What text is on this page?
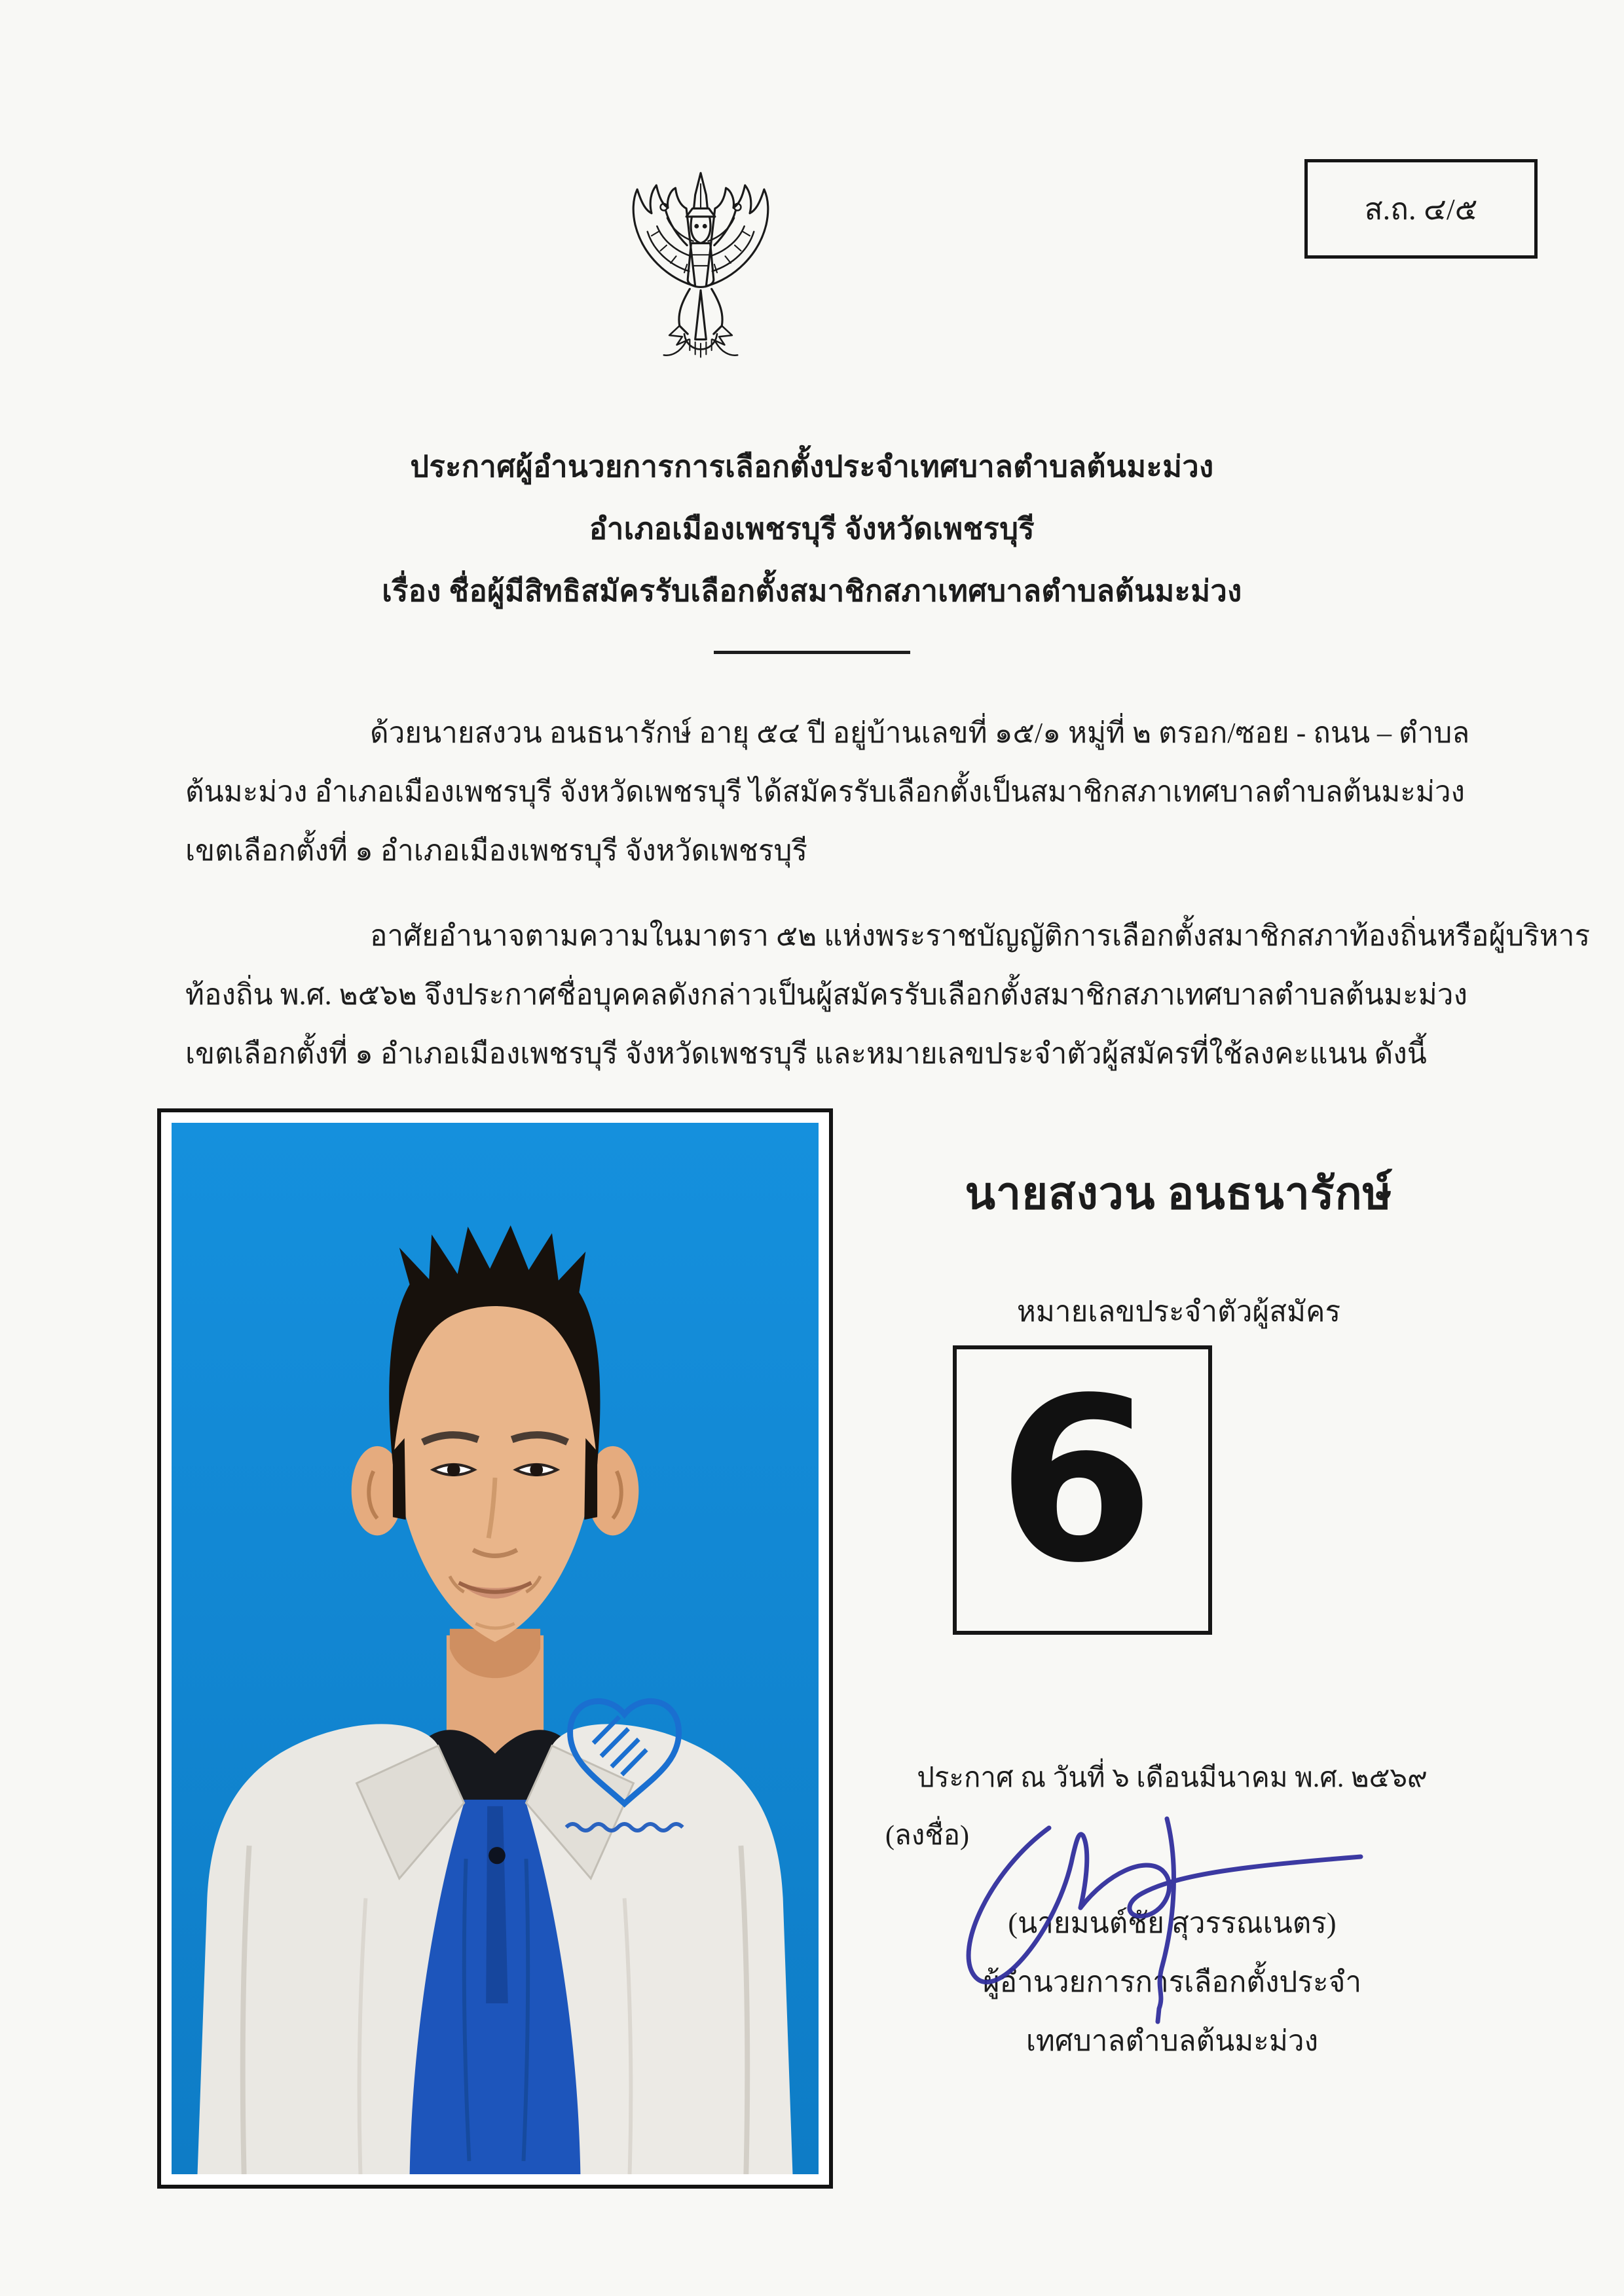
ส.ถ. ๔/๕
ประกาศผู้อำนวยการการเลือกตั้งประจำเทศบาลตำบลต้นมะม่วง
อำเภอเมืองเพชรบุรี จังหวัดเพชรบุรี
เรื่อง ชื่อผู้มีสิทธิสมัครรับเลือกตั้งสมาชิกสภาเทศบาลตำบลต้นมะม่วง
ด้วยนายสงวน อนธนารักษ์ อายุ ๕๔ ปี อยู่บ้านเลขที่ ๑๕/๑ หมู่ที่ ๒ ตรอก/ซอย - ถนน – ตำบล
ต้นมะม่วง อำเภอเมืองเพชรบุรี จังหวัดเพชรบุรี ได้สมัครรับเลือกตั้งเป็นสมาชิกสภาเทศบาลตำบลต้นมะม่วง
เขตเลือกตั้งที่ ๑ อำเภอเมืองเพชรบุรี จังหวัดเพชรบุรี
อาศัยอำนาจตามความในมาตรา ๕๒ แห่งพระราชบัญญัติการเลือกตั้งสมาชิกสภาท้องถิ่นหรือผู้บริหาร
ท้องถิ่น พ.ศ. ๒๕๖๒ จึงประกาศชื่อบุคคลดังกล่าวเป็นผู้สมัครรับเลือกตั้งสมาชิกสภาเทศบาลตำบลต้นมะม่วง
เขตเลือกตั้งที่ ๑ อำเภอเมืองเพชรบุรี จังหวัดเพชรบุรี และหมายเลขประจำตัวผู้สมัครที่ใช้ลงคะแนน ดังนี้
นายสงวน อนธนารักษ์
หมายเลขประจำตัวผู้สมัคร
6
ประกาศ ณ วันที่ ๖ เดือนมีนาคม พ.ศ. ๒๕๖๙
(ลงชื่อ)
(นายมนต์ชัย สุวรรณเนตร)
ผู้อำนวยการการเลือกตั้งประจำ
เทศบาลตำบลต้นมะม่วง
